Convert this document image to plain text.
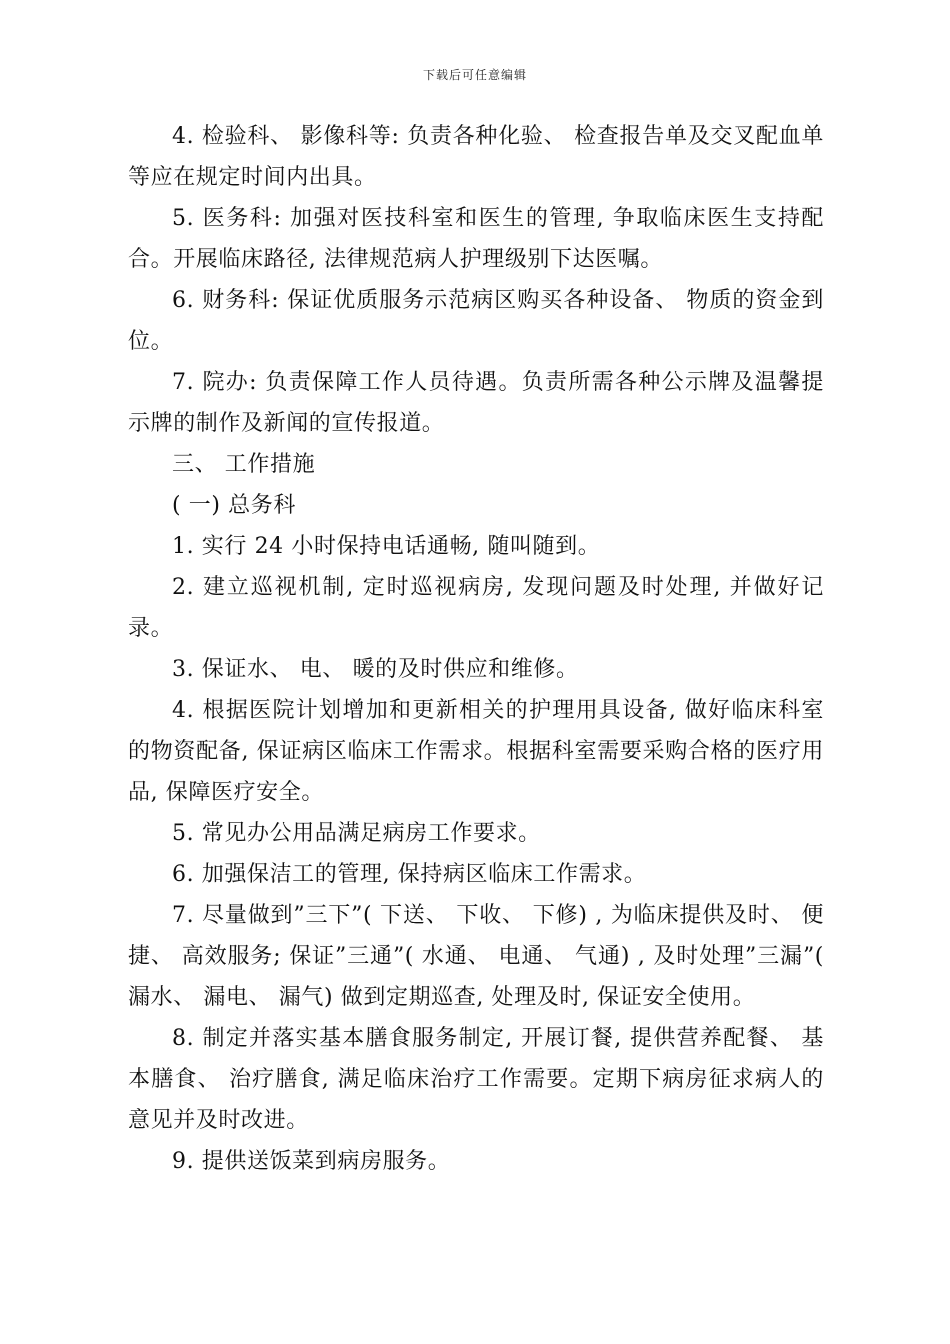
下载后可任意编辑

4. 检验科、 影像科等: 负责各种化验、 检查报告单及交叉配血单等应在规定时间内出具。

5. 医务科: 加强对医技科室和医生的管理, 争取临床医生支持配合。开展临床路径, 法律规范病人护理级别下达医嘱。

6. 财务科: 保证优质服务示范病区购买各种设备、 物质的资金到位。

7. 院办: 负责保障工作人员待遇。负责所需各种公示牌及温馨提示牌的制作及新闻的宣传报道。

三、 工作措施

( 一) 总务科

1. 实行 24 小时保持电话通畅, 随叫随到。

2. 建立巡视机制, 定时巡视病房, 发现问题及时处理, 并做好记录。

3. 保证水、 电、 暖的及时供应和维修。

4. 根据医院计划增加和更新相关的护理用具设备, 做好临床科室的物资配备, 保证病区临床工作需求。根据科室需要采购合格的医疗用品, 保障医疗安全。

5. 常见办公用品满足病房工作要求。

6. 加强保洁工的管理, 保持病区临床工作需求。

7. 尽量做到”三下”( 下送、 下收、 下修) , 为临床提供及时、 便捷、 高效服务; 保证”三通”( 水通、 电通、 气通) , 及时处理”三漏”( 漏水、 漏电、 漏气) 做到定期巡查, 处理及时, 保证安全使用。

8. 制定并落实基本膳食服务制定, 开展订餐, 提供营养配餐、 基本膳食、 治疗膳食, 满足临床治疗工作需要。定期下病房征求病人的意见并及时改进。

9. 提供送饭菜到病房服务。
